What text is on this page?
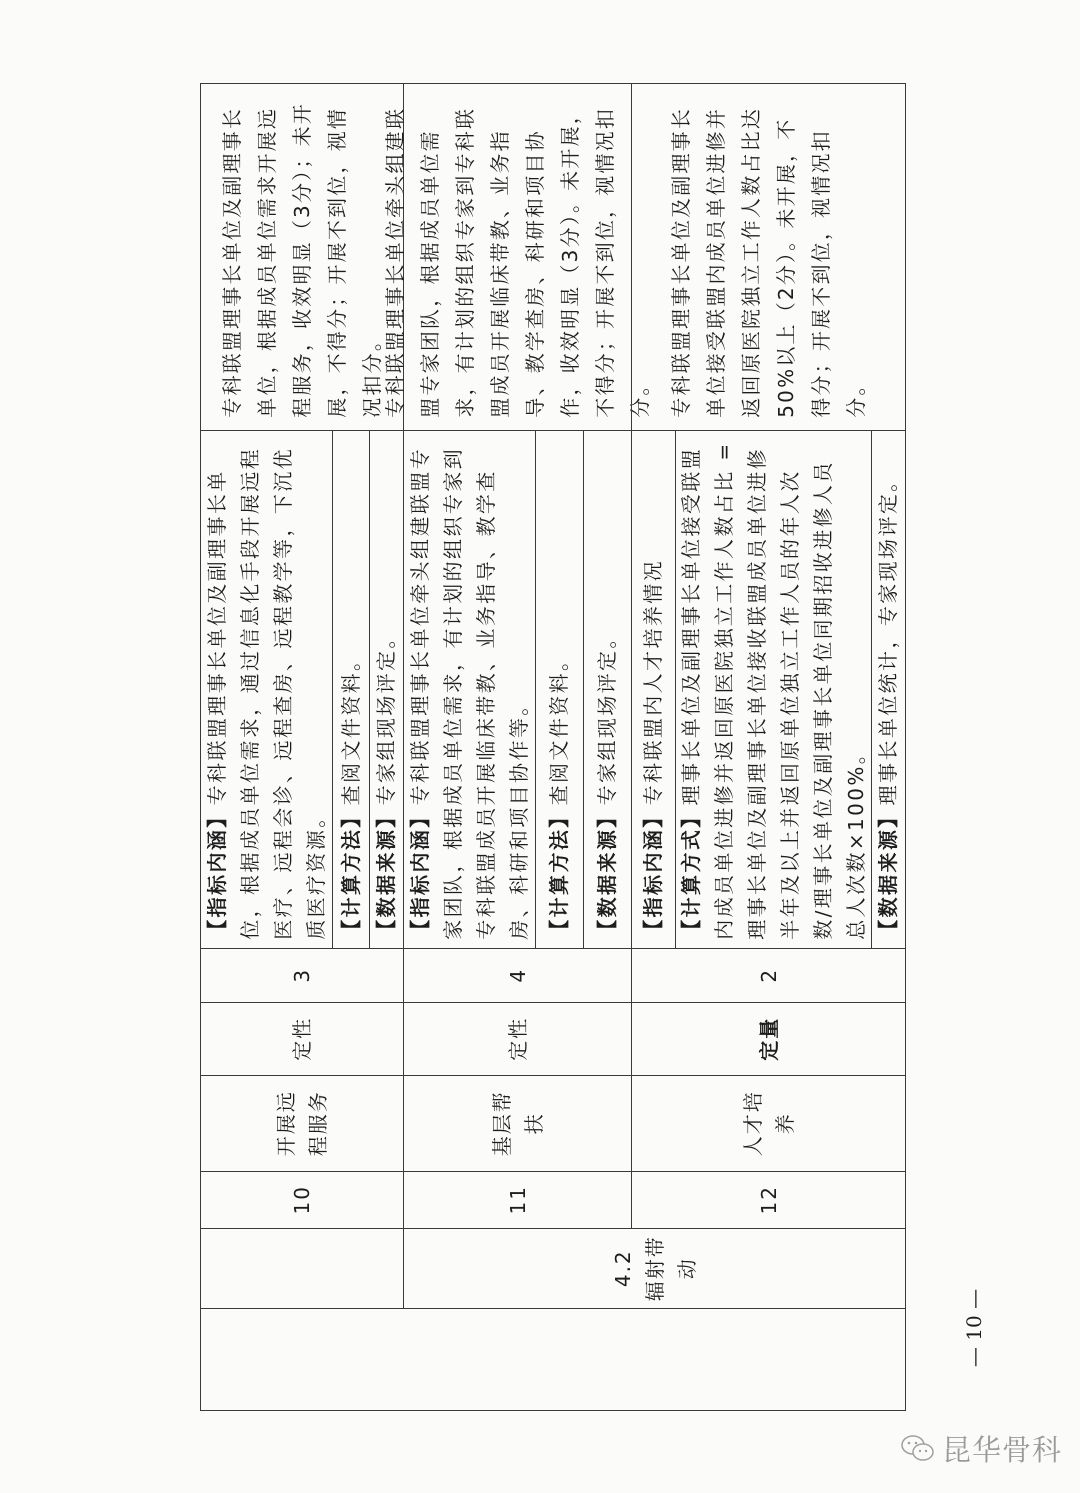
4.2 辐射带动
10
开展远程服务
定性
3
【指标内涵】专科联盟理事长单位及副理事长单位，根据成员单位需求，通过信息化手段开展远程医疗、远程会诊、远程查房、远程教学等，下沉优质医疗资源。 【计算方法】查阅文件资料。
【数据来源】专家组现场评定。
专科联盟理事长单位及副理事长单位，根据成员单位需求开展远程服务，收效明显（3分）；未开展，不得分；开展不到位，视情况扣分。
11
基层帮扶
定性
4
【指标内涵】专科联盟理事长单位牵头组建联盟专家团队，根据成员单位需求，有计划的组织专家到专科联盟成员开展临床带教、业务指导、教学查房、科研和项目协作等。 【计算方法】查阅文件资料。
【数据来源】专家组现场评定。
专科联盟理事长单位牵头组建联盟专家团队，根据成员单位需求，有计划的组织专家到专科联盟成员开展临床带教、业务指导、教学查房、科研和项目协作，收效明显（3分）。未开展，不得分；开展不到位，视情况扣分。
12
人才培养
定量
2
【指标内涵】专科联盟内人才培养情况
【计算方式】理事长单位及副理事长单位接受联盟内成员单位进修并返回原医院独立工作人数占比 =理事长单位及副理事长单位接收联盟成员单位进修半年及以上并返回原单位独立工作人员的年人次数/理事长单位及副理事长单位同期招收进修人员总人次数×100%。 【数据来源】理事长单位统计，专家现场评定。
专科联盟理事长单位及副理事长单位接受联盟内成员单位进修并返回原医院独立工作人数占比达 50%以上（2分）。未开展，不得分；开展不到位，视情况扣分。
— 10 —
昆华骨科
